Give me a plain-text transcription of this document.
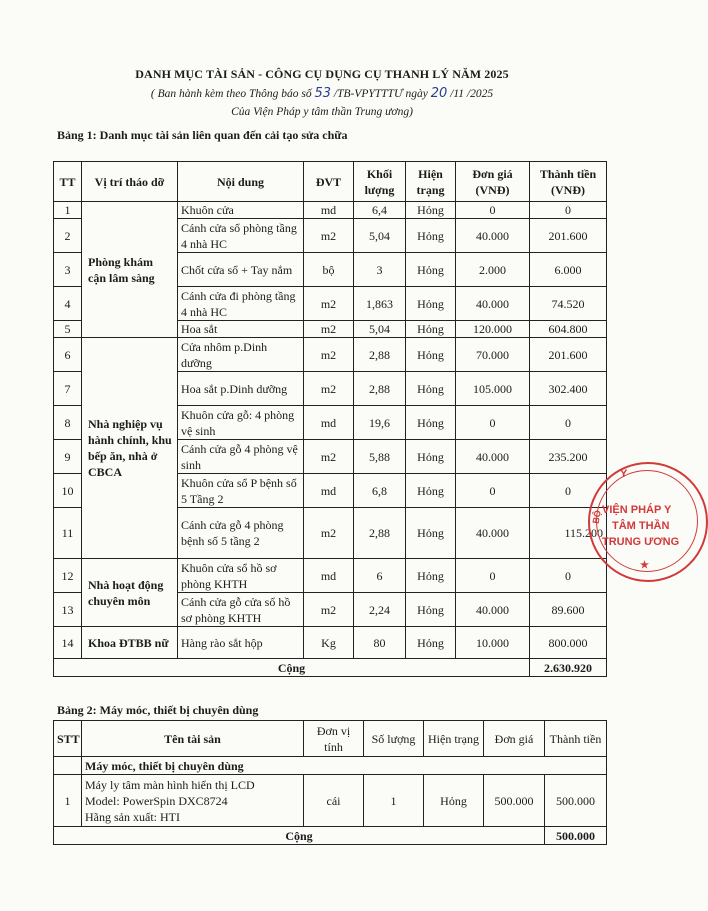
DANH MỤC TÀI SẢN - CÔNG CỤ DỤNG CỤ THANH LÝ NĂM 2025
( Ban hành kèm theo Thông báo số 53 /TB-VPYTTTƯ ngày 20 /11 /2025
Của Viện Pháp y tâm thần Trung ương)
Bảng 1: Danh mục tài sản liên quan đến cải tạo sửa chữa
TT	Vị trí tháo dỡ	Nội dung	ĐVT	Khối lượng	Hiện trạng	Đơn giá (VNĐ)	Thành tiền (VNĐ)
1	Phòng khám cận lâm sàng	Khuôn cửa	md	6,4	Hỏng	0	0
2		Cánh cửa sổ phòng tầng 4 nhà HC	m2	5,04	Hỏng	40.000	201.600
3		Chốt cửa sổ + Tay nắm	bộ	3	Hỏng	2.000	6.000
4		Cánh cửa đi phòng tầng 4 nhà HC	m2	1,863	Hỏng	40.000	74.520
5		Hoa sắt	m2	5,04	Hỏng	120.000	604.800
6	Nhà nghiệp vụ hành chính, khu bếp ăn, nhà ở CBCA	Cửa nhôm p.Dinh dưỡng	m2	2,88	Hỏng	70.000	201.600
7		Hoa sắt p.Dinh dưỡng	m2	2,88	Hỏng	105.000	302.400
8		Khuôn cửa gỗ: 4 phòng vệ sinh	md	19,6	Hỏng	0	0
9		Cánh cửa gỗ 4 phòng vệ sinh	m2	5,88	Hỏng	40.000	235.200
10		Khuôn cửa sổ P bệnh số 5 Tầng 2	md	6,8	Hỏng	0	0
11		Cánh cửa gỗ 4 phòng bệnh số 5 tầng 2	m2	2,88	Hỏng	40.000	115.200
12	Nhà hoạt động chuyên môn	Khuôn cửa sổ hồ sơ phòng KHTH	md	6	Hỏng	0	0
13		Cánh cửa gỗ cửa sổ hồ sơ phòng KHTH	m2	2,24	Hỏng	40.000	89.600
14	Khoa ĐTBB nữ	Hàng rào sắt hộp	Kg	80	Hỏng	10.000	800.000
Cộng							2.630.920
Bảng 2: Máy móc, thiết bị chuyên dùng
STT	Tên tài sản	Đơn vị tính	Số lượng	Hiện trạng	Đơn giá	Thành tiền
	Máy móc, thiết bị chuyên dùng					
1	Máy ly tâm màn hình hiển thị LCD
Model: PowerSpin DXC8724
Hãng sản xuất: HTI	cái	1	Hỏng	500.000	500.000
Cộng						500.000
Y
BỘ VIỆN PHÁP Y
TÂM THẦN
TRUNG ƯƠNG
★
